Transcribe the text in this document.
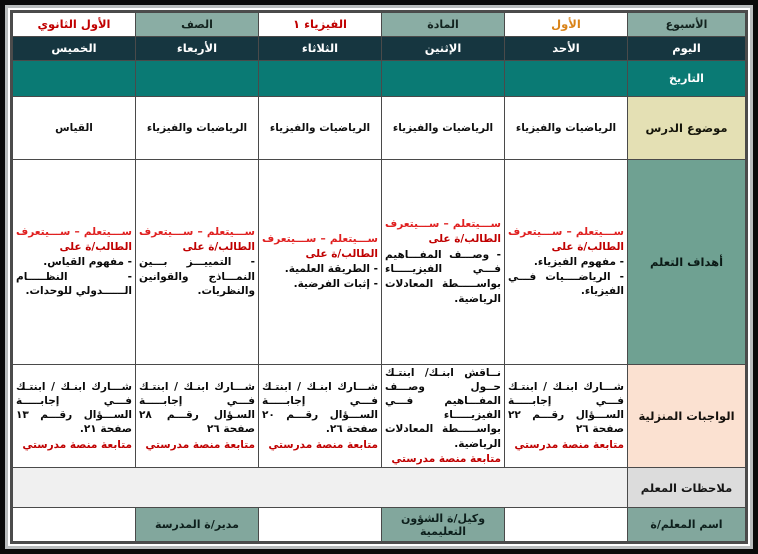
الأسبوع	الأول	المادة	الفيزياء ١	الصف	الأول الثانوي
اليوم	الأحد	الإثنين	الثلاثاء	الأربعاء	الخميس
التاريخ					
موضوع الدرس	الرياضيات والفيزياء	الرياضيات والفيزياء	الرياضيات والفيزياء	الرياضيات والفيزياء	القياس
أهداف التعلم	ســـيتعلم – ســـيتعرف
الطالب/ة على
- مفهوم الفيزياء.
- الرياضــــيات فـــي الفيزياء.	ســـيتعلم – ســـيتعرف
الطالب/ة على
- وصـــف المفـــاهيم فـــي الفيزيـــــاء بواســـــطة المعادلات الرياضية.	ســـيتعلم – ســـيتعرف
الطالب/ة على
- الطريقة العلمية.
- إثبات الفرضية.	ســـيتعلم – ســـيتعرف
الطالب/ة على
- التمييـــز بـــين النمـــاذج والقوانين والنظريات.	ســـيتعلم – ســـيتعرف
الطالب/ة على
- مفهوم القياس.
- النظـــــام الــــــدولي للوحدات.

الواجبات المنزلية	شـــارك ابنـك / ابنتـك فـــي إجابـــــة الســـؤال رقـــم ٢٢ صفحة ٢٦
متابعة منصة مدرستي	نــاقش ابنـك/ ابنتـك حــول وصـــف المفـــاهيم فـــي الفيزيـــــاء بواســـــطة المعادلات الرياضية.
متابعة منصة مدرستي	شـــارك ابنـك / ابنتـك فـــي إجابـــــة الســـؤال رقـــم ٢٠ صفحة ٢٦.
متابعة منصة مدرستي	شـــارك ابنـك / ابنتـك فـــي إجابـــــة السـؤال رقـــم ٢٨ صفحة ٢٦
متابعة منصة مدرستي	شـــارك ابنـك / ابنتـك فـــي إجابـــــة الســـؤال رقـــم ١٣ صفحة ٢١.
متابعة منصة مدرستي

ملاحظات المعلم					
اسم المعلم/ة		وكيل/ة الشؤون التعليمية		مدير/ة المدرسة	
